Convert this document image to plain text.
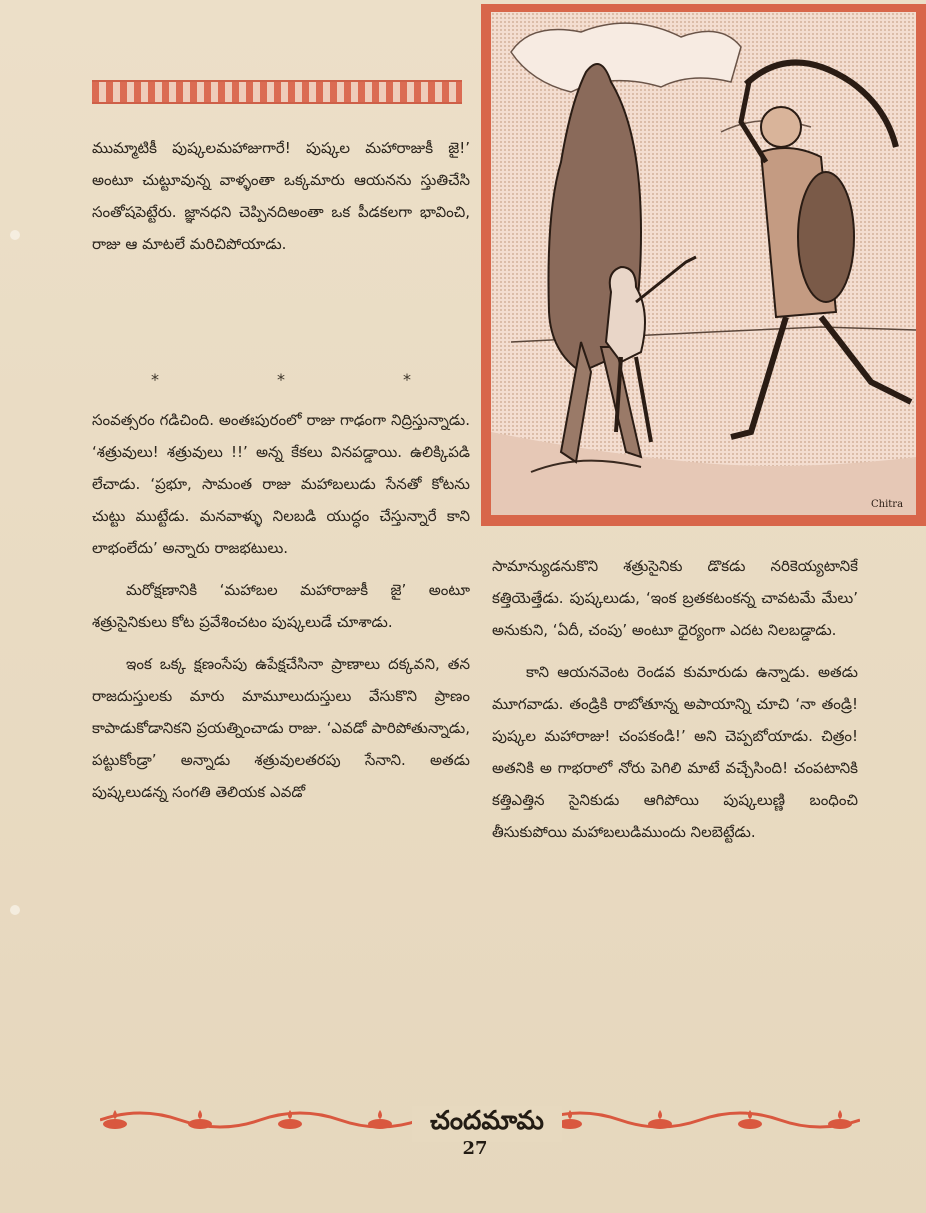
Chitra

ముమ్మాటికీ పుష్కలమహాజుగారే! పుష్కల మహారాజుకీ జై!’ అంటూ చుట్టూవున్న వాళ్ళంతా ఒక్కమారు ఆయనను స్తుతిచేసి సంతోషపెట్టేరు. జ్ఞానధని చెప్పినదిఅంతా ఒక పీడకలగా భావించి, రాజు ఆ మాటలే మరిచిపోయాడు.

*	*	*

సంవత్సరం గడిచింది. అంతఃపురంలో రాజు గాఢంగా నిద్రిస్తున్నాడు. ‘శత్రువులు! శత్రువులు !!’ అన్న కేకలు వినపడ్డాయి. ఉలిక్కిపడి లేచాడు. ‘ప్రభూ, సామంత రాజు మహాబలుడు సేనతో కోటను చుట్టు ముట్టేడు. మనవాళ్ళు నిలబడి యుద్ధం చేస్తున్నారే కాని లాభంలేదు’ అన్నారు రాజభటులు.

మరోక్షణానికి ‘మహాబల మహారాజుకీ జై’ అంటూ శత్రుసైనికులు కోట ప్రవేశించటం పుష్కలుడే చూశాడు.

ఇంక ఒక్క క్షణంసేపు ఉపేక్షచేసినా ప్రాణాలు దక్కవని, తన రాజదుస్తులకు మారు మామూలుదుస్తులు వేసుకొని ప్రాణం కాపాడుకోడానికని ప్రయత్నించాడు రాజు. ‘ఎవడో పారిపోతున్నాడు, పట్టుకోండ్రా’ అన్నాడు శత్రువులతరపు సేనాని. అతడు పుష్కలుడన్న సంగతి తెలియక ఎవడో

సామాన్యుడనుకొని శత్రుసైనికు డొకడు నరికెయ్యటానికే కత్తియెత్తేడు. పుష్కలుడు, ‘ఇంక బ్రతకటంకన్న చావటమే మేలు’ అనుకుని, ‘ఏదీ, చంపు’ అంటూ ధైర్యంగా ఎదట నిలబడ్డాడు.

కాని ఆయనవెంట రెండవ కుమారుడు ఉన్నాడు. అతడు మూగవాడు. తండ్రికి రాబోతూన్న అపాయాన్ని చూచి ‘నా తండ్రి! పుష్కల మహారాజు! చంపకండి!’ అని చెప్పబోయాడు. చిత్రం! అతనికి అ గాభరాలో నోరు పెగిలి మాటే వచ్చేసింది! చంపటానికి కత్తిఎత్తిన సైనికుడు ఆగిపోయి పుష్కలుణ్ణి బంధించి తీసుకుపోయి మహాబలుడిముందు నిలబెట్టేడు.

చందమామ
27
